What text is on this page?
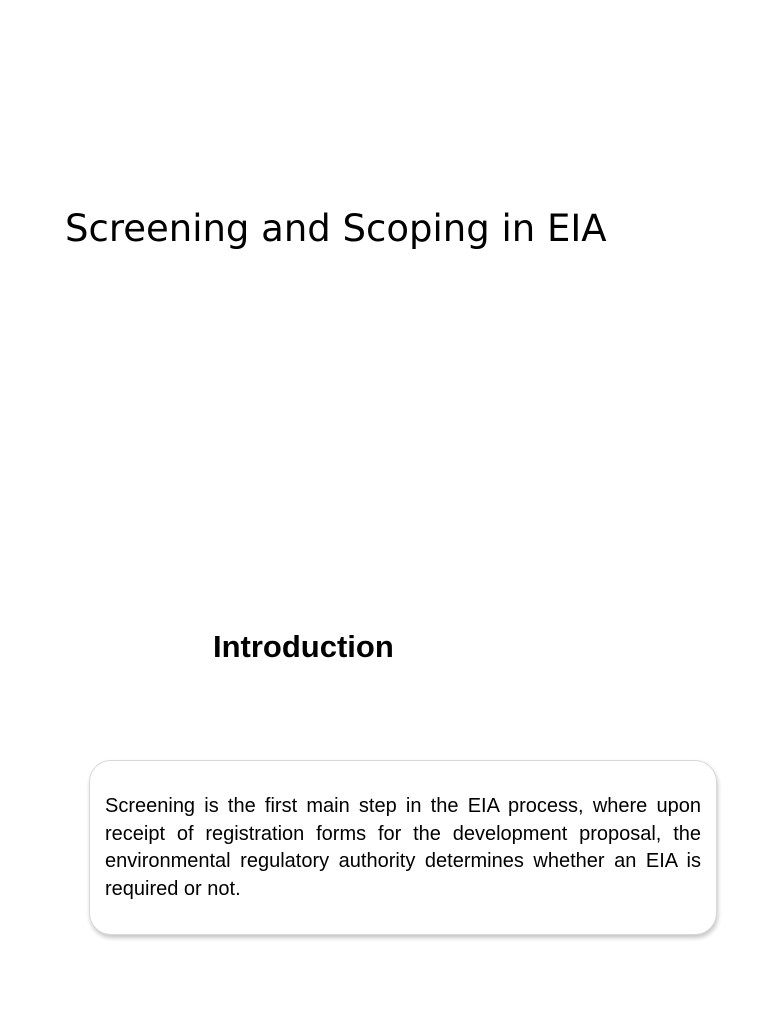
Screening and Scoping in EIA
Introduction

Screening is the first main step in the EIA process, where upon receipt of registration forms for the development proposal, the environmental regulatory authority determines whether an EIA is required or not.
